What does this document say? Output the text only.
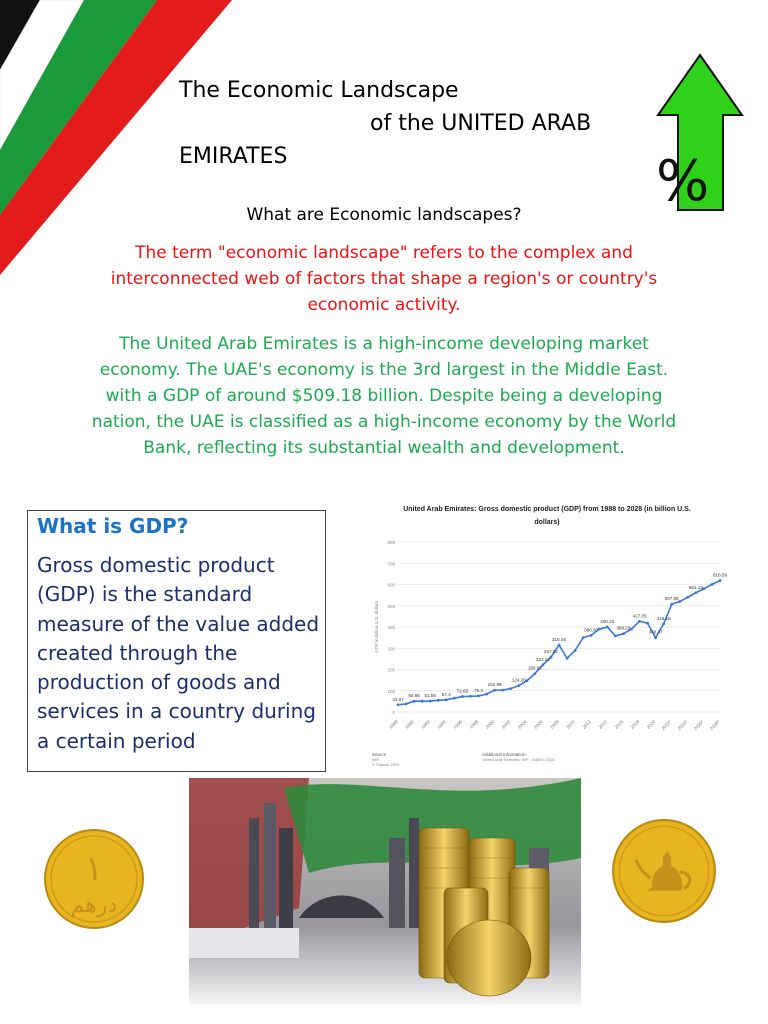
The Economic Landscape
of the UNITED ARAB
EMIRATES	%
What are Economic landscapes?
The term "economic landscape" refers to the complex and interconnected web of factors that shape a region's or country's economic activity.
The United Arab Emirates is a high-income developing market economy. The UAE's economy is the 3rd largest in the Middle East. with a GDP of around $509.18 billion. Despite being a developing nation, the UAE is classified as a high-income economy by the World Bank, reflecting its substantial wealth and development.
What is GDP?
Gross domestic product (GDP) is the standard measure of the value added created through the production of goods and services in a country during a certain period
United Arab Emirates: Gross domestic product (GDP) from 1988 to 2028 (in billion U.S.
dollars)
0
100
200
300
400
500
600
700
800
GDP in billion U.S. dollars
1988 1990 1992 1994 1996 1998 2000 2002 2004 2006 2008 2010 2012 2014 2016 2018 2020 2022* 2024* 2026* 2028*
34.07
50.66 51.55 57.4
72.65 75.3
102.99
124.26
180.62
222.12
257.92
315.46
360.83
400.22
368.29
427.05
349.47
415.18
507.06
561.13
618.56
Source
IMF
© Statista 2024
Additional Information:
United Arab Emirates; IMF; 1988 to 2028
١
درهم
